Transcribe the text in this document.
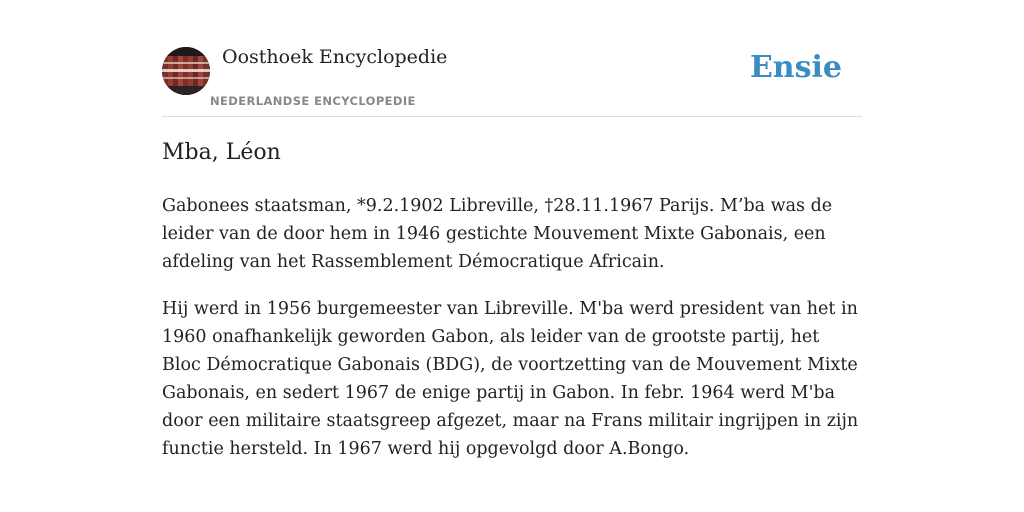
Oosthoek Encyclopedie
NEDERLANDSE ENCYCLOPEDIE
Ensie
Mba, Léon

Gabonees staatsman, *9.2.1902 Libreville, †28.11.1967 Parijs. M’ba was de leider van de door hem in 1946 gestichte Mouvement Mixte Gabonais, een afdeling van het Rassemblement Démocratique Africain.

Hij werd in 1956 burgemeester van Libreville. M'ba werd president van het in 1960 onafhankelijk geworden Gabon, als leider van de grootste partij, het Bloc Démocratique Gabonais (BDG), de voortzetting van de Mouvement Mixte Gabonais, en sedert 1967 de enige partij in Gabon. In febr. 1964 werd M'ba door een militaire staatsgreep afgezet, maar na Frans militair ingrijpen in zijn functie hersteld. In 1967 werd hij opgevolgd door A.Bongo.
